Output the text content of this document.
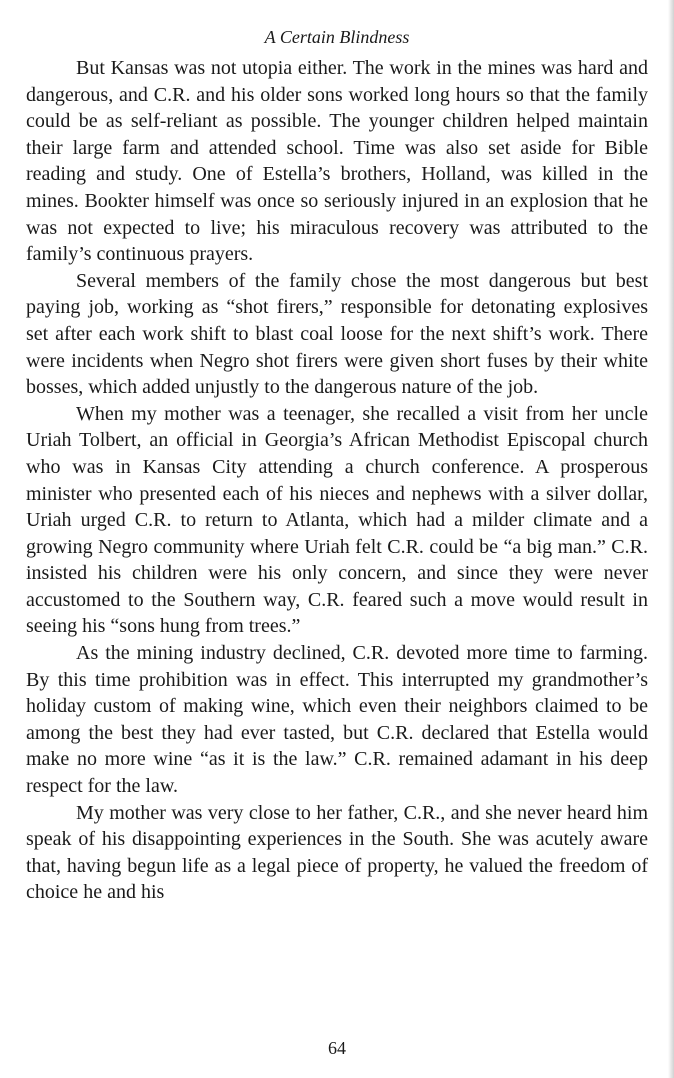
A Certain Blindness

But Kansas was not utopia either. The work in the mines was hard and dangerous, and C.R. and his older sons worked long hours so that the family could be as self-reliant as possible. The younger children helped maintain their large farm and attended school. Time was also set aside for Bible reading and study. One of Estella’s brothers, Holland, was killed in the mines. Bookter himself was once so seriously injured in an explosion that he was not expected to live; his miraculous recovery was attributed to the family’s continuous prayers.

Several members of the family chose the most dangerous but best paying job, working as “shot firers,” responsible for detonating explosives set after each work shift to blast coal loose for the next shift’s work. There were incidents when Negro shot firers were given short fuses by their white bosses, which added unjustly to the dangerous nature of the job.

When my mother was a teenager, she recalled a visit from her uncle Uriah Tolbert, an official in Georgia’s African Methodist Episcopal church who was in Kansas City attending a church conference. A prosperous minister who presented each of his nieces and nephews with a silver dollar, Uriah urged C.R. to return to Atlanta, which had a milder climate and a growing Negro community where Uriah felt C.R. could be “a big man.” C.R. insisted his children were his only concern, and since they were never accustomed to the Southern way, C.R. feared such a move would result in seeing his “sons hung from trees.”

As the mining industry declined, C.R. devoted more time to farming. By this time prohibition was in effect. This interrupted my grandmother’s holiday custom of making wine, which even their neighbors claimed to be among the best they had ever tasted, but C.R. declared that Estella would make no more wine “as it is the law.” C.R. remained adamant in his deep respect for the law.

My mother was very close to her father, C.R., and she never heard him speak of his disappointing experiences in the South. She was acutely aware that, having begun life as a legal piece of property, he valued the freedom of choice he and his

64
